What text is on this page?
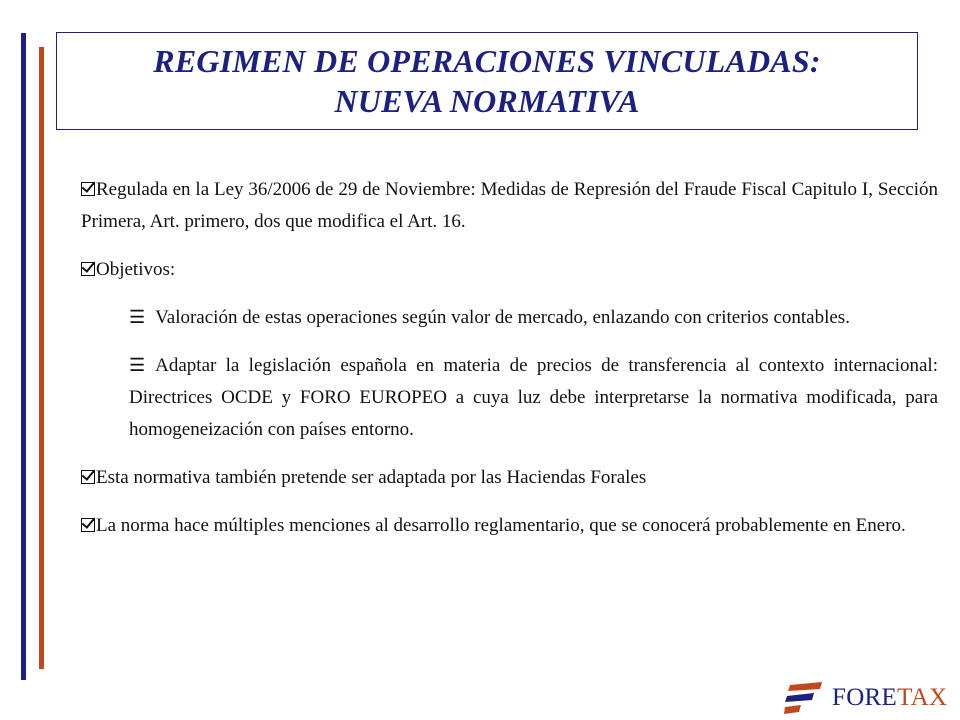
REGIMEN DE OPERACIONES VINCULADAS:
NUEVA NORMATIVA

Regulada en la Ley 36/2006 de 29 de Noviembre: Medidas de Represión del Fraude Fiscal Capitulo I, Sección Primera, Art. primero, dos que modifica el Art. 16.

Objetivos:

☰ Valoración de estas operaciones según valor de mercado, enlazando con criterios contables.

☰ Adaptar la legislación española en materia de precios de transferencia al contexto internacional: Directrices OCDE y FORO EUROPEO a cuya luz debe interpretarse la normativa modificada, para homogeneización con países entorno.

Esta normativa también pretende ser adaptada por las Haciendas Forales

La norma hace múltiples menciones al desarrollo reglamentario, que se conocerá probablemente en Enero.

FORETAX
